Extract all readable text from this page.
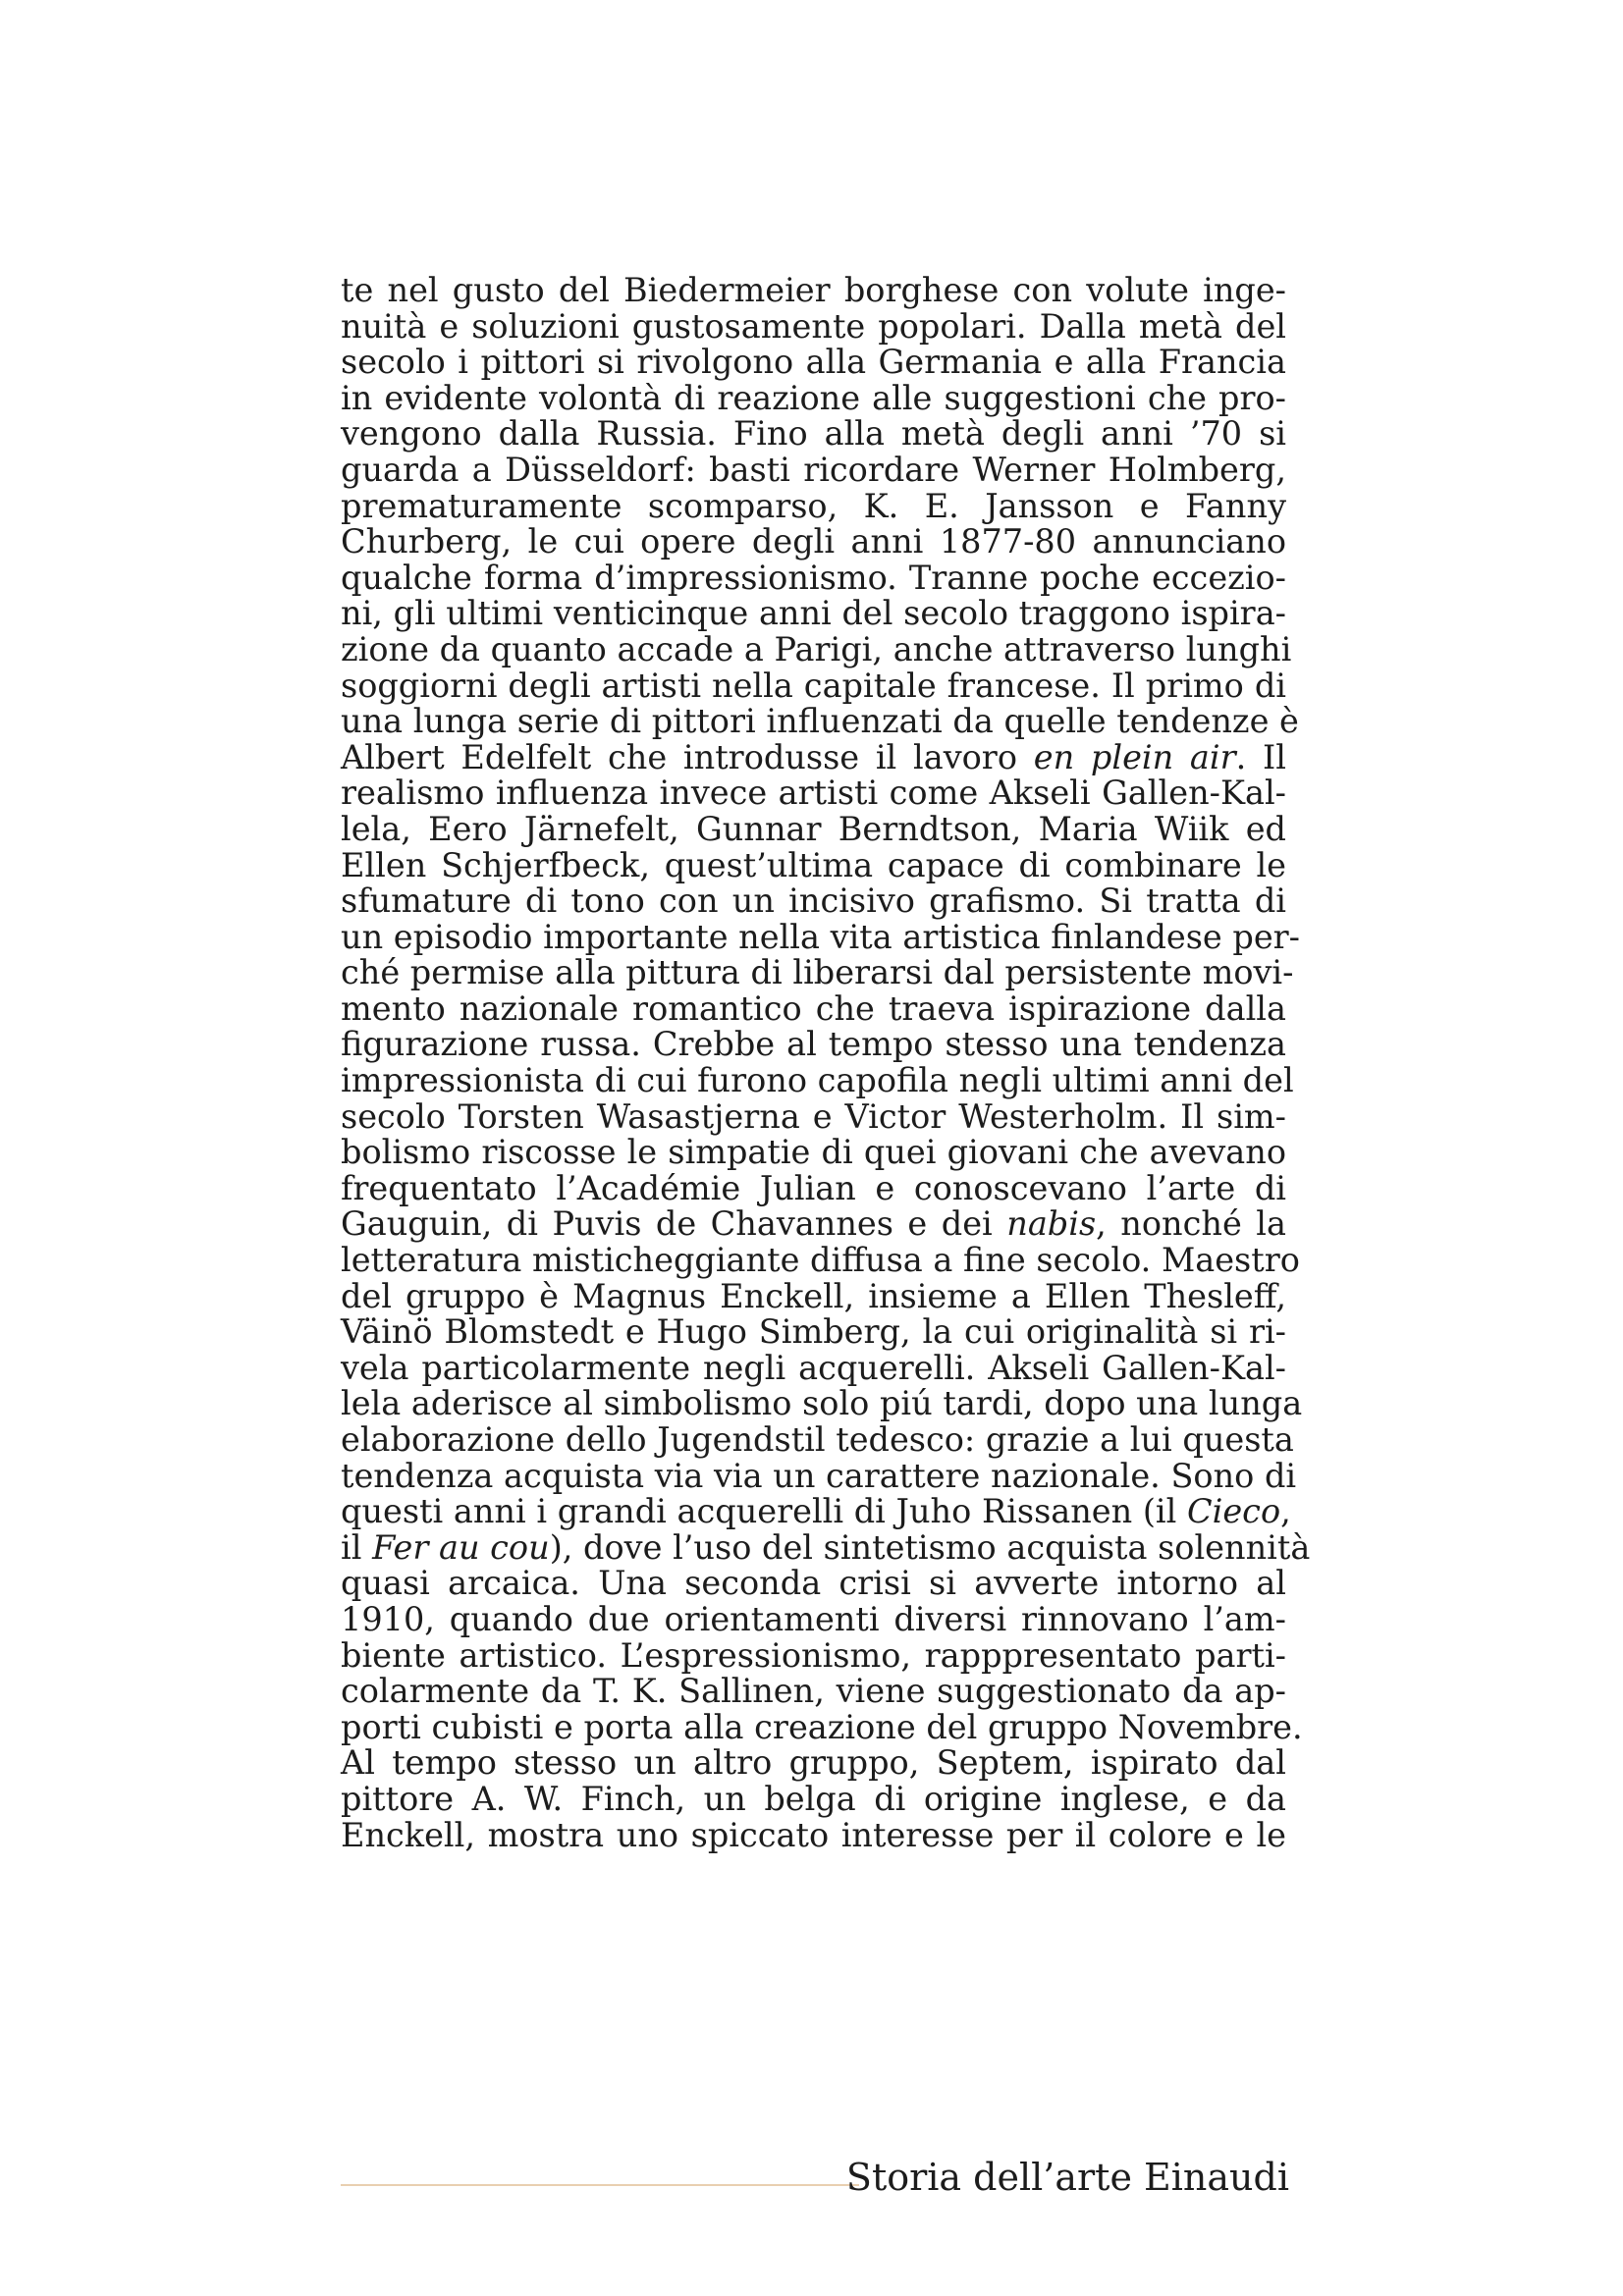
te nel gusto del Biedermeier borghese con volute inge-
nuità e soluzioni gustosamente popolari. Dalla metà del
secolo i pittori si rivolgono alla Germania e alla Francia
in evidente volontà di reazione alle suggestioni che pro-
vengono dalla Russia. Fino alla metà degli anni ’70 si
guarda a Düsseldorf: basti ricordare Werner Holmberg,
prematuramente scomparso, K. E. Jansson e Fanny
Churberg, le cui opere degli anni 1877-80 annunciano
qualche forma d’impressionismo. Tranne poche eccezio-
ni, gli ultimi venticinque anni del secolo traggono ispira-
zione da quanto accade a Parigi, anche attraverso lunghi
soggiorni degli artisti nella capitale francese. Il primo di
una lunga serie di pittori influenzati da quelle tendenze è
Albert Edelfelt che introdusse il lavoro en plein air. Il
realismo influenza invece artisti come Akseli Gallen-Kal-
lela, Eero Järnefelt, Gunnar Berndtson, Maria Wiik ed
Ellen Schjerfbeck, quest’ultima capace di combinare le
sfumature di tono con un incisivo grafismo. Si tratta di
un episodio importante nella vita artistica finlandese per-
ché permise alla pittura di liberarsi dal persistente movi-
mento nazionale romantico che traeva ispirazione dalla
figurazione russa. Crebbe al tempo stesso una tendenza
impressionista di cui furono capofila negli ultimi anni del
secolo Torsten Wasastjerna e Victor Westerholm. Il sim-
bolismo riscosse le simpatie di quei giovani che avevano
frequentato l’Académie Julian e conoscevano l’arte di
Gauguin, di Puvis de Chavannes e dei nabis, nonché la
letteratura misticheggiante diffusa a fine secolo. Maestro
del gruppo è Magnus Enckell, insieme a Ellen Thesleff,
Väinö Blomstedt e Hugo Simberg, la cui originalità si ri-
vela particolarmente negli acquerelli. Akseli Gallen-Kal-
lela aderisce al simbolismo solo piú tardi, dopo una lunga
elaborazione dello Jugendstil tedesco: grazie a lui questa
tendenza acquista via via un carattere nazionale. Sono di
questi anni i grandi acquerelli di Juho Rissanen (il Cieco,
il Fer au cou), dove l’uso del sintetismo acquista solennità
quasi arcaica. Una seconda crisi si avverte intorno al
1910, quando due orientamenti diversi rinnovano l’am-
biente artistico. L’espressionismo, rapppresentato parti-
colarmente da T. K. Sallinen, viene suggestionato da ap-
porti cubisti e porta alla creazione del gruppo Novembre.
Al tempo stesso un altro gruppo, Septem, ispirato dal
pittore A. W. Finch, un belga di origine inglese, e da
Enckell, mostra uno spiccato interesse per il colore e le
Storia dell’arte Einaudi
